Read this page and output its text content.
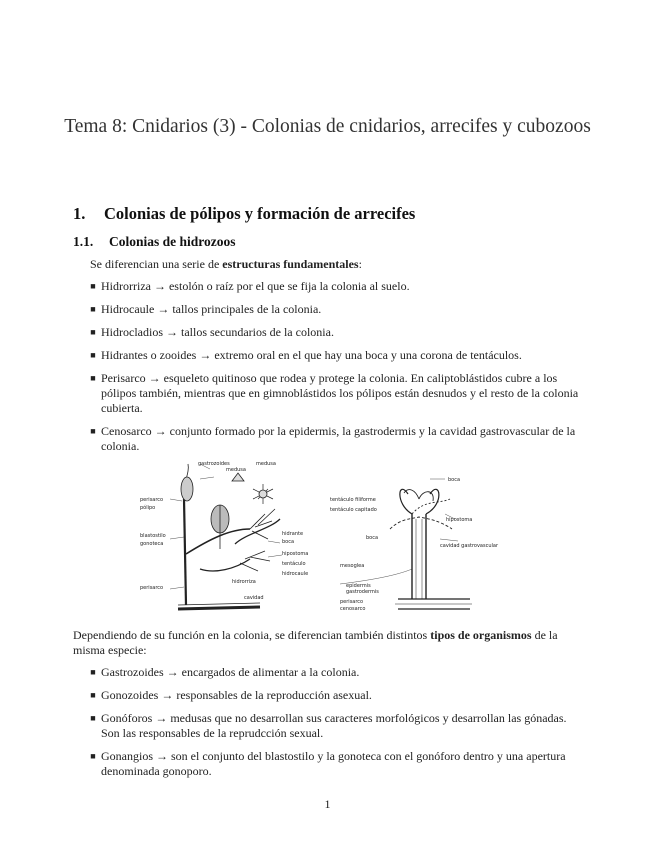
Tema 8: Cnidarios (3) - Colonias de cnidarios, arrecifes y cubozoos
1. Colonias de pólipos y formación de arrecifes
1.1. Colonias de hidrozoos
Se diferencian una serie de estructuras fundamentales:
■ Hidrorriza → estolón o raíz por el que se fija la colonia al suelo.
■ Hidrocaule → tallos principales de la colonia.
■ Hidrocladios → tallos secundarios de la colonia.
■ Hidrantes o zooides → extremo oral en el que hay una boca y una corona de tentáculos.
■ Perisarco → esqueleto quitinoso que rodea y protege la colonia. En caliptoblástidos cubre a los pólipos también, mientras que en gimnoblástidos los pólipos están desnudos y el resto de la colonia cubierta.
■ Cenosarco → conjunto formado por la epidermis, la gastrodermis y la cavidad gastrovascular de la colonia.
gastrozoides
medusa
medusa
perisarco
pólipo
blastostilo
gonoteca
hidrante
boca
hipostoma
tentáculo
hidrocaule
perisarco
hidrorriza
cavidad
boca
tentáculo filiforme
tentáculo capitado
hipostoma
boca
cavidad gastrovascular
mesoglea
epidermis
gastrodermis
perisarco
cenosarco
Dependiendo de su función en la colonia, se diferencian también distintos tipos de organismos de la misma especie:
■ Gastrozoides → encargados de alimentar a la colonia.
■ Gonozoides → responsables de la reproducción asexual.
■ Gonóforos → medusas que no desarrollan sus caracteres morfológicos y desarrollan las gónadas. Son las responsables de la reprudcción sexual.
■ Gonangios → son el conjunto del blastostilo y la gonoteca con el gonóforo dentro y una apertura denominada gonoporo.
1
